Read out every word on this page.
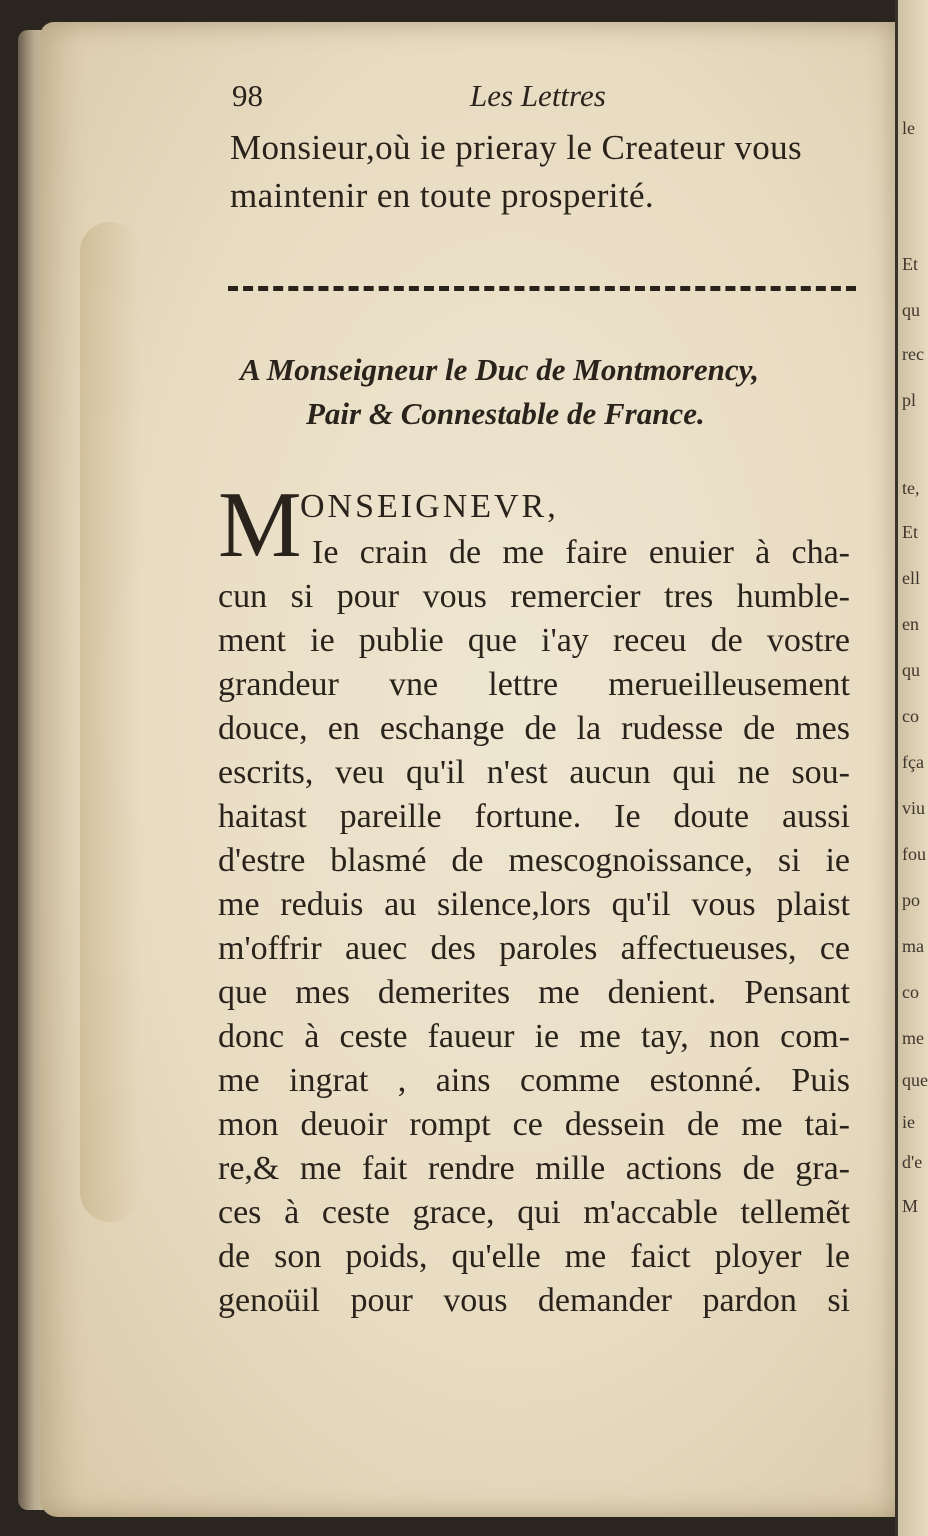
le
Et
qu
rec
pl
te,
Et
ell
en
qu
co
fça
viu
fou
po
ma
co
me
que
ie
d'e
M
98	Les Lettres
Monsieur,où ie prieray le Createur vous
maintenir en toute prosperité.
A Monseigneur le Duc de Montmorency,
Pair & Connestable de France.
M
ONSEIGNEVR,
Ie crain de me faire enuier à cha-
cun si pour vous remercier tres humble-
ment ie publie que i'ay receu de vostre
grandeur vne lettre merueilleusement
douce, en eschange de la rudesse de mes
escrits, veu qu'il n'est aucun qui ne sou-
haitast pareille fortune. Ie doute aussi
d'estre blasmé de mescognoissance, si ie
me reduis au silence,lors qu'il vous plaist
m'offrir auec des paroles affectueuses, ce
que mes demerites me denient. Pensant
donc à ceste faueur ie me tay, non com-
me ingrat , ains comme estonné. Puis
mon deuoir rompt ce dessein de me tai-
re,& me fait rendre mille actions de gra-
ces à ceste grace, qui m'accable tellemẽt
de son poids, qu'elle me faict ployer le
genoüil pour vous demander pardon si
